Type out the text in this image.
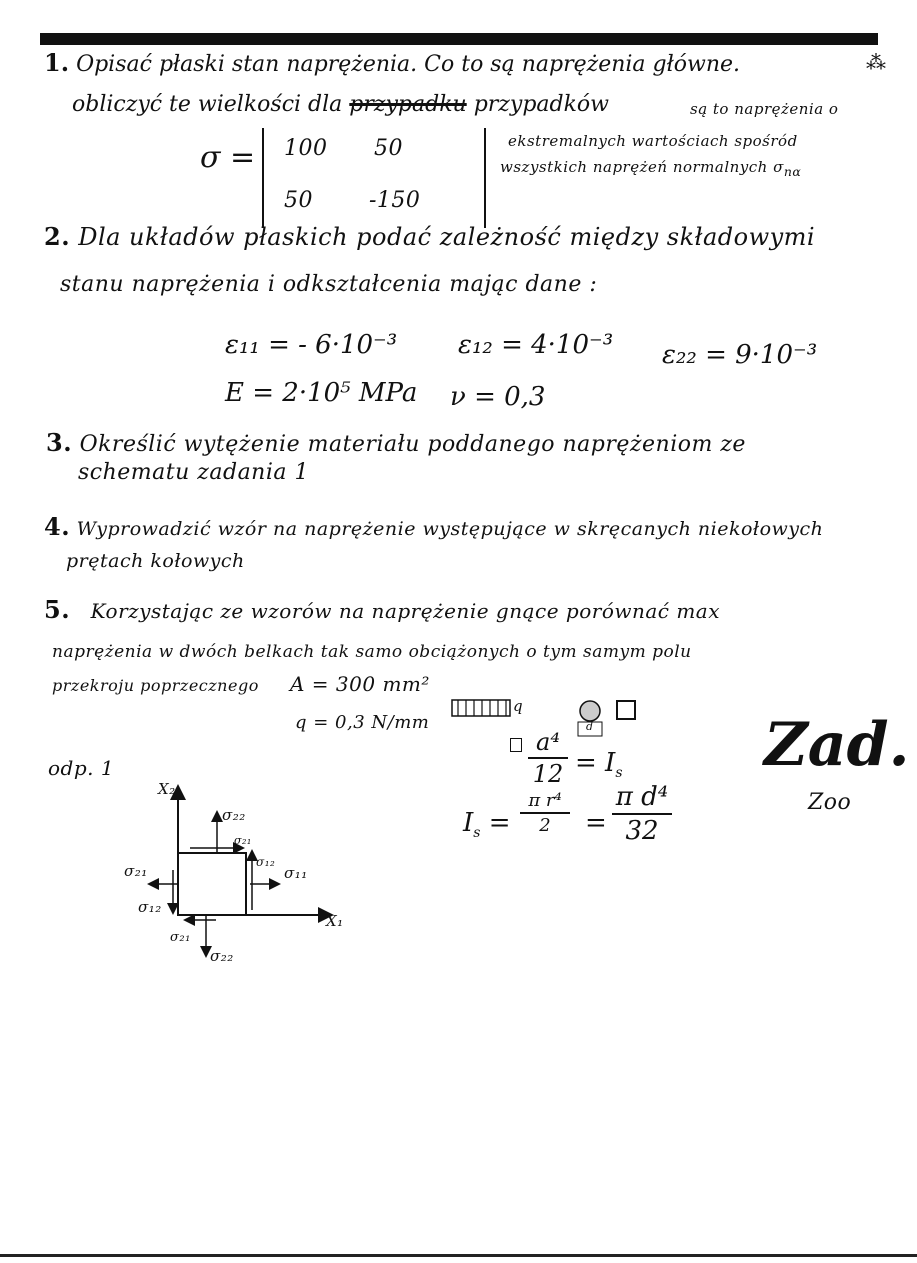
1. Opisać płaski stan naprężenia. Co to są naprężenia główne.	⁂
obliczyć te wielkości dla przypadku przypadków	są to naprężenia o
ekstremalnych wartościach spośród
wszystkich naprężeń normalnych $\sigma_{n\alpha}$
σ = 100 50
50	-150
2. Dla układów płaskich podać zależność między składowymi
stanu naprężenia i odkształcenia mając dane :
ε₁₁ = - 6·10⁻³ ε₁₂ = 4·10⁻³ ε₂₂ = 9·10⁻³
E = 2·10⁵ MPa ν = 0,3
3. Określić wytężenie materiału poddanego naprężeniom ze
schematu zadania 1
4. Wyprowadzić wzór na naprężenie występujące w skręcanych niekołowych
prętach kołowych
5. Korzystając ze wzorów na naprężenie gnące porównać max
naprężenia w dwóch belkach tak samo obciążonych o tym samym polu
przekroju poprzecznego A = 300 mm²
q = 0,3 N/mm
q
d
a⁴
$12 = I_s$
$I_s$ =
π r⁴
2	=
π d⁴
32
Zad.
Zoo
odp. 1
X₂
X₁
σ₂₂
σ₂₁
σ₁₂
σ₁₁
σ₂₁
σ₁₂
σ₂₁
σ₂₂
